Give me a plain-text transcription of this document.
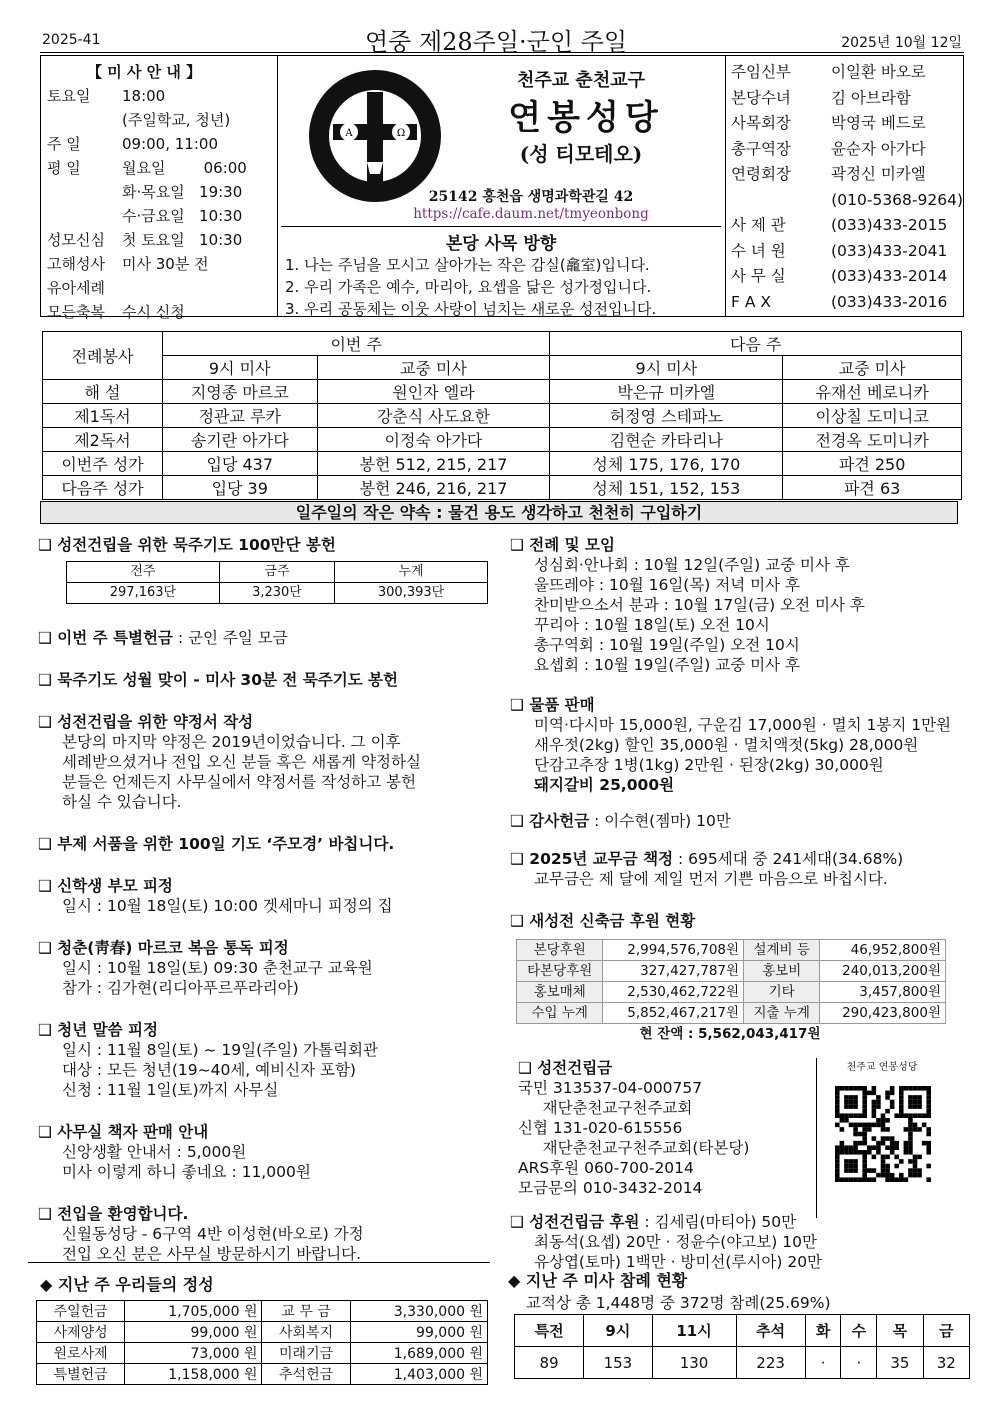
2025-41	연중 제28주일·군인 주일	2025년 10월 12일
【 미 사 안 내 】
토요일	18:00
(주일학교, 청년)
주 일	09:00, 11:00
평 일	월요일        06:00
화·목요일   19:30
수·금요일   10:30
성모신심	첫 토요일   10:30
고해성사	미사 30분 전
유아세례
모든축복	수시 신청
A	Ω
천주교 춘천교구
연봉성당
(성 티모테오)
25142 홍천읍 생명과학관길 42
https://cafe.daum.net/tmyeonbong
본당 사목 방향
1. 나는 주님을 모시고 살아가는 작은 감실(龕室)입니다.
2. 우리 가족은 예수, 마리아, 요셉을 닮은 성가정입니다.
3. 우리 공동체는 이웃 사랑이 넘치는 새로운 성전입니다.
주임신부	이일환 바오로
본당수녀	김 아브라함
사목회장	박영국 베드로
총구역장	윤순자 아가다
연령회장	곽정신 미카엘
(010-5368-9264)
사 제 관	(033)433-2015
수 녀 원	(033)433-2041
사 무 실	(033)433-2014
F A X	(033)433-2016
전례봉사	이번 주		다음 주	
	9시 미사	교중 미사	9시 미사	교중 미사
해 설	지영종 마르코	원인자 엘라	박은규 미카엘	유재선 베로니카
제1독서	정관교 루카	강춘식 사도요한	허정영 스테파노	이상칠 도미니코
제2독서	송기란 아가다	이정숙 아가다	김현순 카타리나	전경옥 도미니카
이번주 성가	입당 437	봉헌 512, 215, 217	성체 175, 176, 170	파견 250
다음주 성가	입당 39	봉헌 246, 216, 217	성체 151, 152, 153	파견 63
일주일의 작은 약속 : 물건 용도 생각하고 천천히 구입하기
❑ 성전건립을 위한 묵주기도 100만단 봉헌
전주	금주	누계
297,163단	3,230단	300,393단
❑ 이번 주 특별헌금 : 군인 주일 모금
❑ 묵주기도 성월 맞이 - 미사 30분 전 묵주기도 봉헌
❑ 성전건립을 위한 약정서 작성
본당의 마지막 약정은 2019년이었습니다. 그 이후
세례받으셨거나 전입 오신 분들 혹은 새롭게 약정하실
분들은 언제든지 사무실에서 약정서를 작성하고 봉헌
하실 수 있습니다.
❑ 부제 서품을 위한 100일 기도 ‘주모경’ 바칩니다.
❑ 신학생 부모 피정
일시 : 10월 18일(토) 10:00 겟세마니 피정의 집
❑ 청춘(靑春) 마르코 복음 통독 피정
일시 : 10월 18일(토) 09:30 춘천교구 교육원
참가 : 김가현(리디아푸르푸라리아)
❑ 청년 말씀 피정
일시 : 11월 8일(토) ~ 19일(주일) 가톨릭회관
대상 : 모든 청년(19~40세, 예비신자 포함)
신청 : 11월 1일(토)까지 사무실
❑ 사무실 책자 판매 안내
신앙생활 안내서 : 5,000원
미사 이렇게 하니 좋네요 : 11,000원
❑ 전입을 환영합니다.
신월동성당 - 6구역 4반 이성현(바오로) 가정
전입 오신 분은 사무실 방문하시기 바랍니다.
❑ 전례 및 모임
성심회·안나회 : 10월 12일(주일) 교중 미사 후
울뜨레야 : 10월 16일(목) 저녁 미사 후
찬미받으소서 분과 : 10월 17일(금) 오전 미사 후
꾸리아 : 10월 18일(토) 오전 10시
총구역회 : 10월 19일(주일) 오전 10시
요셉회 : 10월 19일(주일) 교중 미사 후
❑ 물품 판매
미역·다시마 15,000원, 구운김 17,000원 · 멸치 1봉지 1만원
새우젓(2kg) 할인 35,000원 · 멸치액젓(5kg) 28,000원
단감고추장 1병(1kg) 2만원 · 된장(2kg) 30,000원
돼지갈비 25,000원
❑ 감사헌금 : 이수현(젬마) 10만
❑ 2025년 교무금 책정 : 695세대 중 241세대(34.68%)
교무금은 제 달에 제일 먼저 기쁜 마음으로 바칩시다.
❑ 새성전 신축금 후원 현황
본당후원	2,994,576,708원	설계비 등	46,952,800원
타본당후원	327,427,787원	홍보비	240,013,200원
홍보매체	2,530,462,722원	기타	3,457,800원
수입 누계	5,852,467,217원	지출 누계	290,423,800원
현 잔액 : 5,562,043,417원
❑ 성전건립금
국민 313537-04-000757
재단춘천교구천주교회
신협 131-020-615556
재단춘천교구천주교회(타본당)
ARS후원 060-700-2014
모금문의 010-3432-2014
천주교 연봉성당
❑ 성전건립금 후원 : 김세림(마티아) 50만
최동석(요셉) 20만 · 정윤수(야고보) 10만
유상엽(토마) 1백만 · 방미선(루시아) 20만
◆ 지난 주 우리들의 정성
주일헌금	1,705,000 원	교 무 금	3,330,000 원
사제양성	99,000 원	사회복지	99,000 원
원로사제	73,000 원	미래기금	1,689,000 원
특별헌금	1,158,000 원	추석헌금	1,403,000 원
◆ 지난 주 미사 참례 현황
교적상 총 1,448명 중 372명 참례(25.69%)
특전	9시	11시	추석	화	수	목	금
89	153	130	223	·	·	35	32
